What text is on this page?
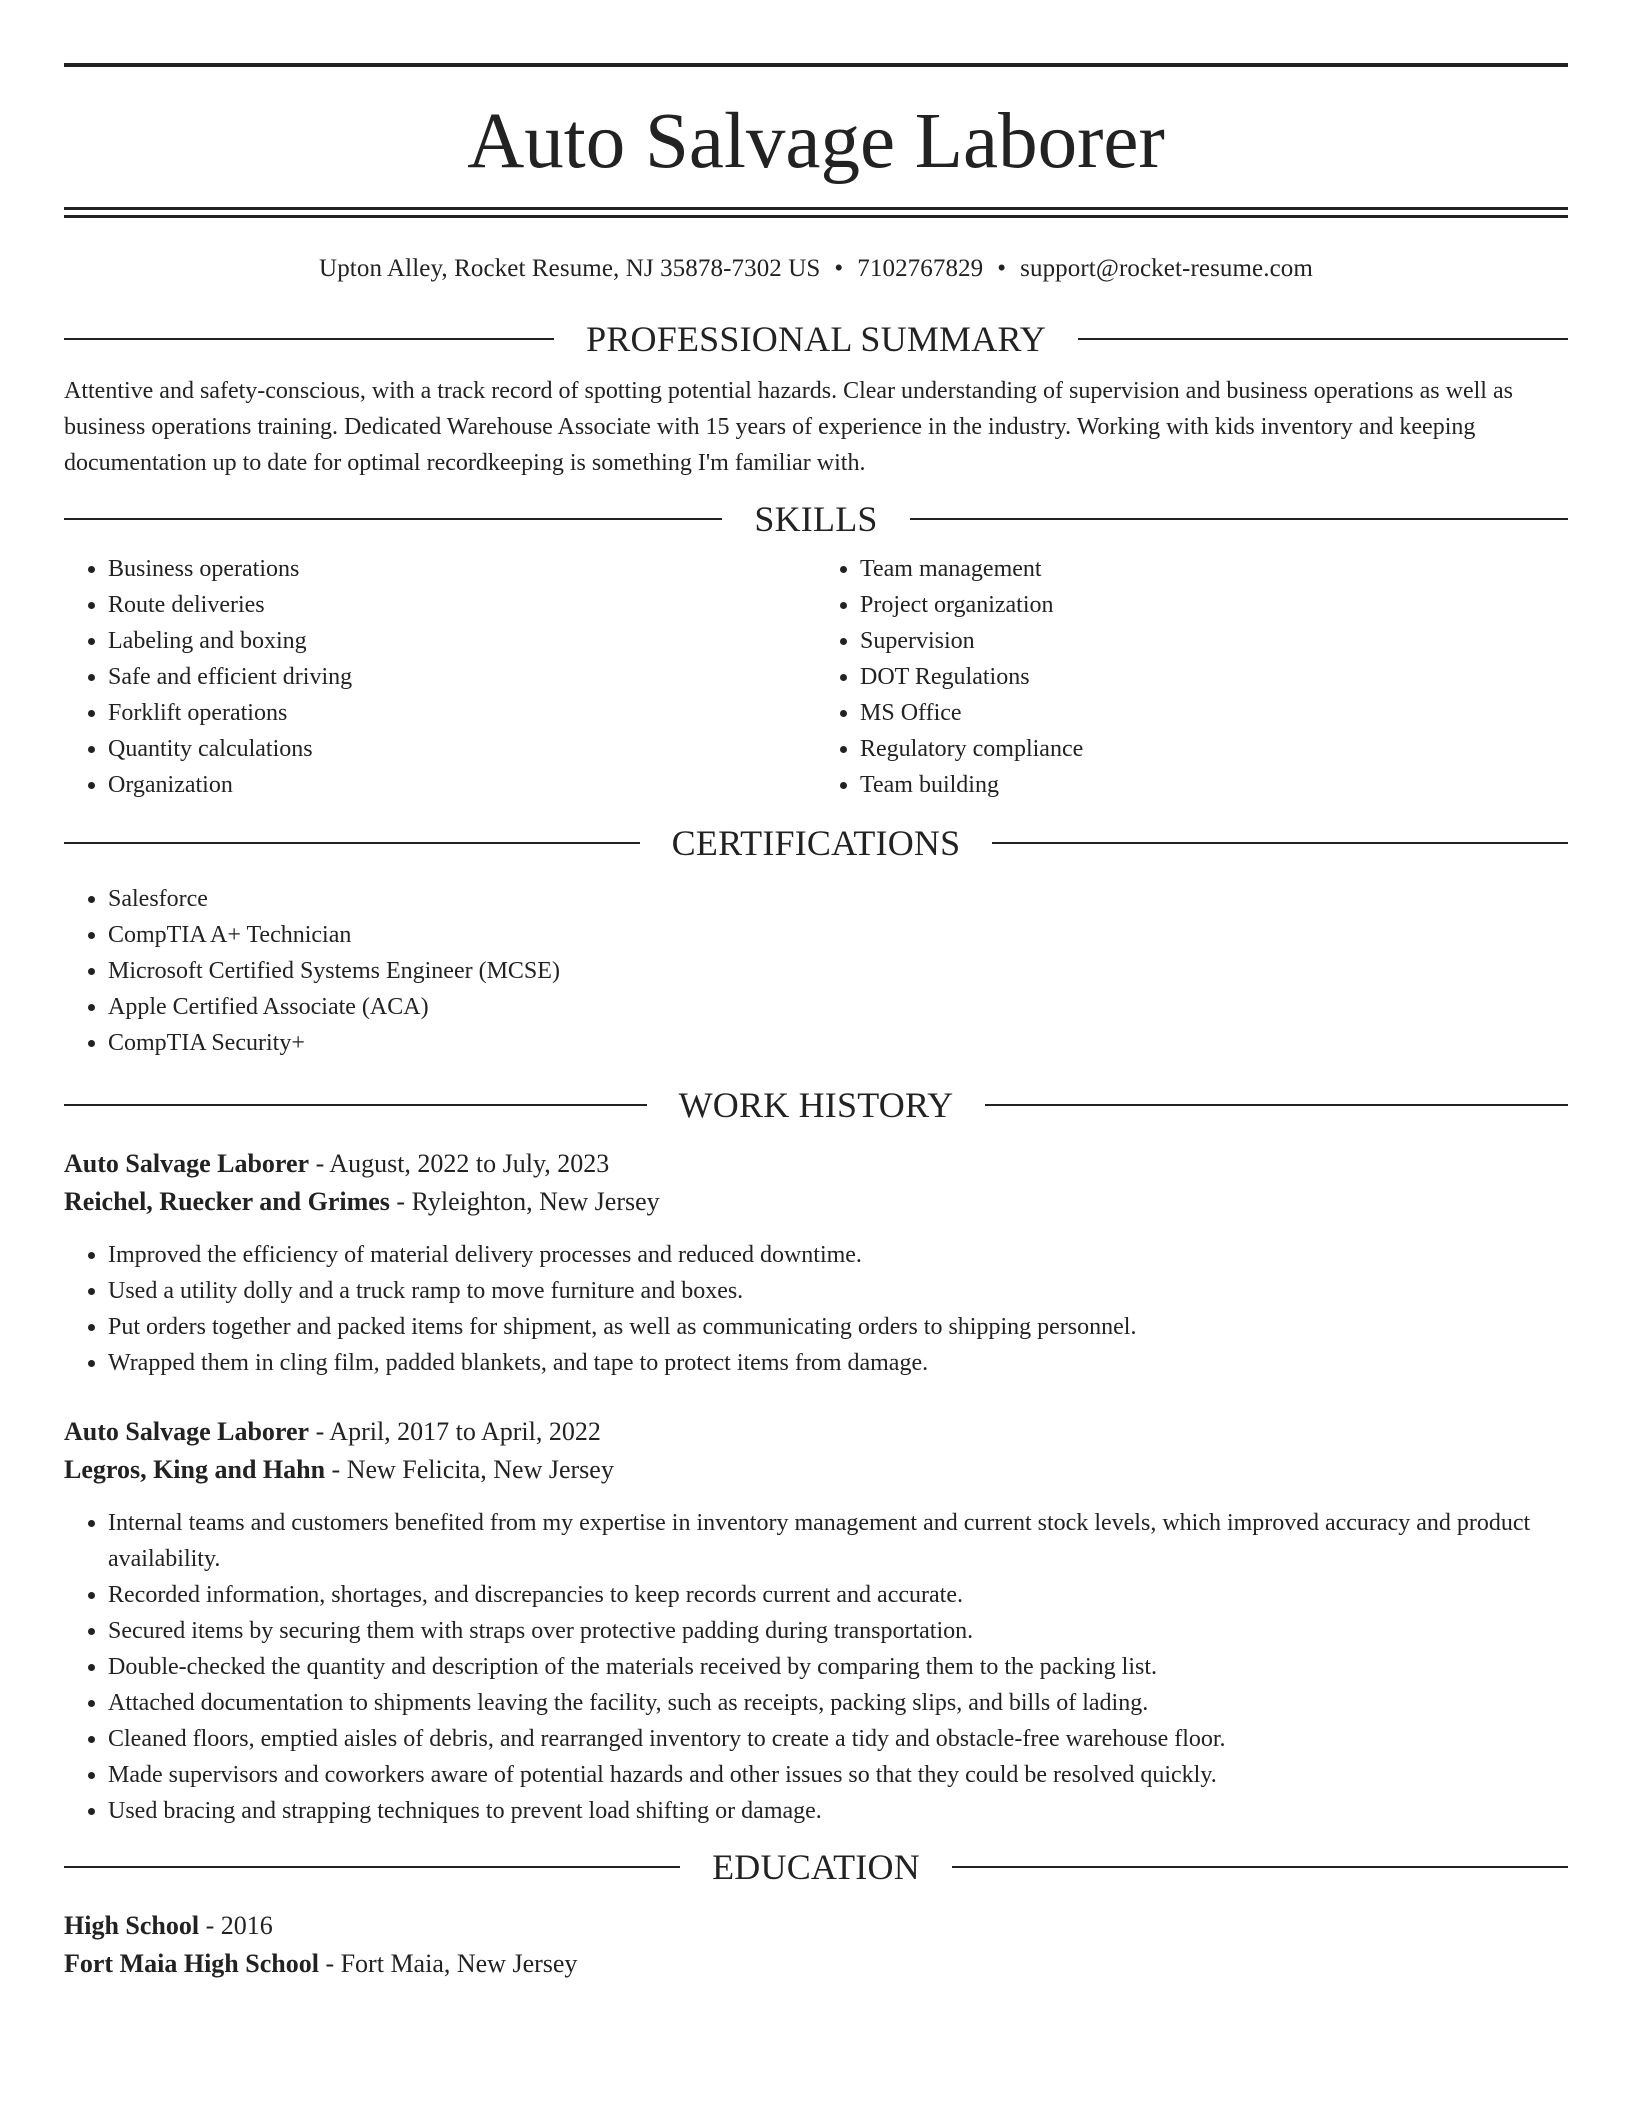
Auto Salvage Laborer
Upton Alley, Rocket Resume, NJ 35878-7302 US • 7102767829 • support@rocket-resume.com
PROFESSIONAL SUMMARY
Attentive and safety-conscious, with a track record of spotting potential hazards. Clear understanding of supervision and business operations as well as business operations training. Dedicated Warehouse Associate with 15 years of experience in the industry. Working with kids inventory and keeping documentation up to date for optimal recordkeeping is something I'm familiar with.
SKILLS
• Business operations
• Route deliveries
• Labeling and boxing
• Safe and efficient driving
• Forklift operations
• Quantity calculations
• Organization
• Team management
• Project organization
• Supervision
• DOT Regulations
• MS Office
• Regulatory compliance
• Team building
CERTIFICATIONS
• Salesforce
• CompTIA A+ Technician
• Microsoft Certified Systems Engineer (MCSE)
• Apple Certified Associate (ACA)
• CompTIA Security+
WORK HISTORY
Auto Salvage Laborer - August, 2022 to July, 2023
Reichel, Ruecker and Grimes - Ryleighton, New Jersey
• Improved the efficiency of material delivery processes and reduced downtime.
• Used a utility dolly and a truck ramp to move furniture and boxes.
• Put orders together and packed items for shipment, as well as communicating orders to shipping personnel.
• Wrapped them in cling film, padded blankets, and tape to protect items from damage.
Auto Salvage Laborer - April, 2017 to April, 2022
Legros, King and Hahn - New Felicita, New Jersey
• Internal teams and customers benefited from my expertise in inventory management and current stock levels, which improved accuracy and product availability.
• Recorded information, shortages, and discrepancies to keep records current and accurate.
• Secured items by securing them with straps over protective padding during transportation.
• Double-checked the quantity and description of the materials received by comparing them to the packing list.
• Attached documentation to shipments leaving the facility, such as receipts, packing slips, and bills of lading.
• Cleaned floors, emptied aisles of debris, and rearranged inventory to create a tidy and obstacle-free warehouse floor.
• Made supervisors and coworkers aware of potential hazards and other issues so that they could be resolved quickly.
• Used bracing and strapping techniques to prevent load shifting or damage.
EDUCATION
High School - 2016
Fort Maia High School - Fort Maia, New Jersey
